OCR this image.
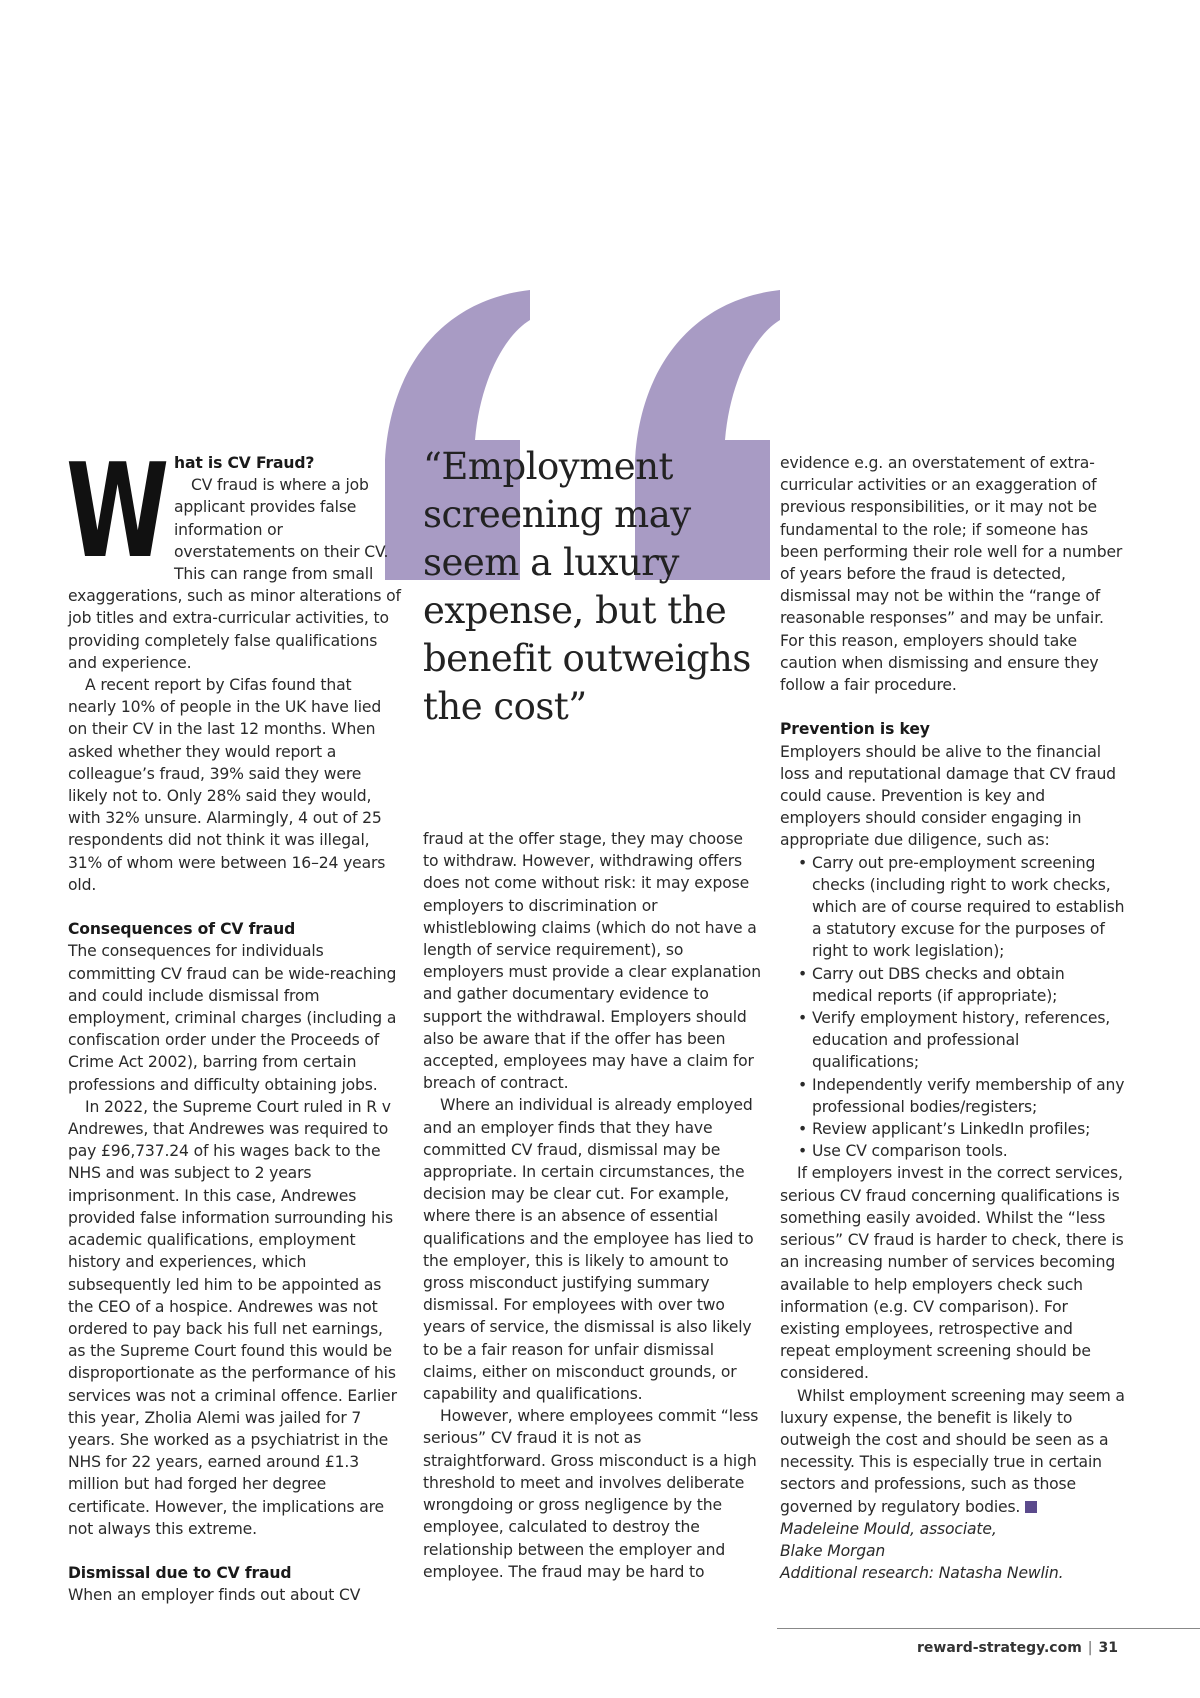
W hat is CV Fraud?

CV fraud is where a job applicant provides false information or overstatements on their CV. This can range from small exaggerations, such as minor alterations of job titles and extra-curricular activities, to providing completely false qualifications and experience.

A recent report by Cifas found that nearly 10% of people in the UK have lied on their CV in the last 12 months. When asked whether they would report a colleague’s fraud, 39% said they were likely not to. Only 28% said they would, with 32% unsure. Alarmingly, 4 out of 25 respondents did not think it was illegal, 31% of whom were between 16–24 years old.

Consequences of CV fraud

The consequences for individuals committing CV fraud can be wide-reaching and could include dismissal from employment, criminal charges (including a confiscation order under the Proceeds of Crime Act 2002), barring from certain professions and difficulty obtaining jobs.

In 2022, the Supreme Court ruled in R v Andrewes, that Andrewes was required to pay £96,737.24 of his wages back to the NHS and was subject to 2 years imprisonment. In this case, Andrewes provided false information surrounding his academic qualifications, employment history and experiences, which subsequently led him to be appointed as the CEO of a hospice. Andrewes was not ordered to pay back his full net earnings, as the Supreme Court found this would be disproportionate as the performance of his services was not a criminal offence. Earlier this year, Zholia Alemi was jailed for 7 years. She worked as a psychiatrist in the NHS for 22 years, earned around £1.3 million but had forged her degree certificate. However, the implications are not always this extreme.

Dismissal due to CV fraud

When an employer finds out about CV

“Employment screening may seem a luxury expense, but the benefit outweighs the cost”

fraud at the offer stage, they may choose to withdraw. However, withdrawing offers does not come without risk: it may expose employers to discrimination or whistleblowing claims (which do not have a length of service requirement), so employers must provide a clear explanation and gather documentary evidence to support the withdrawal. Employers should also be aware that if the offer has been accepted, employees may have a claim for breach of contract.

Where an individual is already employed and an employer finds that they have committed CV fraud, dismissal may be appropriate. In certain circumstances, the decision may be clear cut. For example, where there is an absence of essential qualifications and the employee has lied to the employer, this is likely to amount to gross misconduct justifying summary dismissal. For employees with over two years of service, the dismissal is also likely to be a fair reason for unfair dismissal claims, either on misconduct grounds, or capability and qualifications.

However, where employees commit “less serious” CV fraud it is not as straightforward. Gross misconduct is a high threshold to meet and involves deliberate wrongdoing or gross negligence by the employee, calculated to destroy the relationship between the employer and employee. The fraud may be hard to

evidence e.g. an overstatement of extra-curricular activities or an exaggeration of previous responsibilities, or it may not be fundamental to the role; if someone has been performing their role well for a number of years before the fraud is detected, dismissal may not be within the “range of reasonable responses” and may be unfair. For this reason, employers should take caution when dismissing and ensure they follow a fair procedure.

Prevention is key

Employers should be alive to the financial loss and reputational damage that CV fraud could cause. Prevention is key and employers should consider engaging in appropriate due diligence, such as:

• Carry out pre-employment screening checks (including right to work checks, which are of course required to establish a statutory excuse for the purposes of right to work legislation);
• Carry out DBS checks and obtain medical reports (if appropriate);
• Verify employment history, references, education and professional qualifications;
• Independently verify membership of any professional bodies/registers;
• Review applicant’s LinkedIn profiles;
• Use CV comparison tools.

If employers invest in the correct services, serious CV fraud concerning qualifications is something easily avoided. Whilst the “less serious” CV fraud is harder to check, there is an increasing number of services becoming available to help employers check such information (e.g. CV comparison). For existing employees, retrospective and repeat employment screening should be considered.

Whilst employment screening may seem a luxury expense, the benefit is likely to outweigh the cost and should be seen as a necessity. This is especially true in certain sectors and professions, such as those governed by regulatory bodies.

Madeleine Mould, associate,

Blake Morgan

Additional research: Natasha Newlin.

reward-strategy.com | 31
